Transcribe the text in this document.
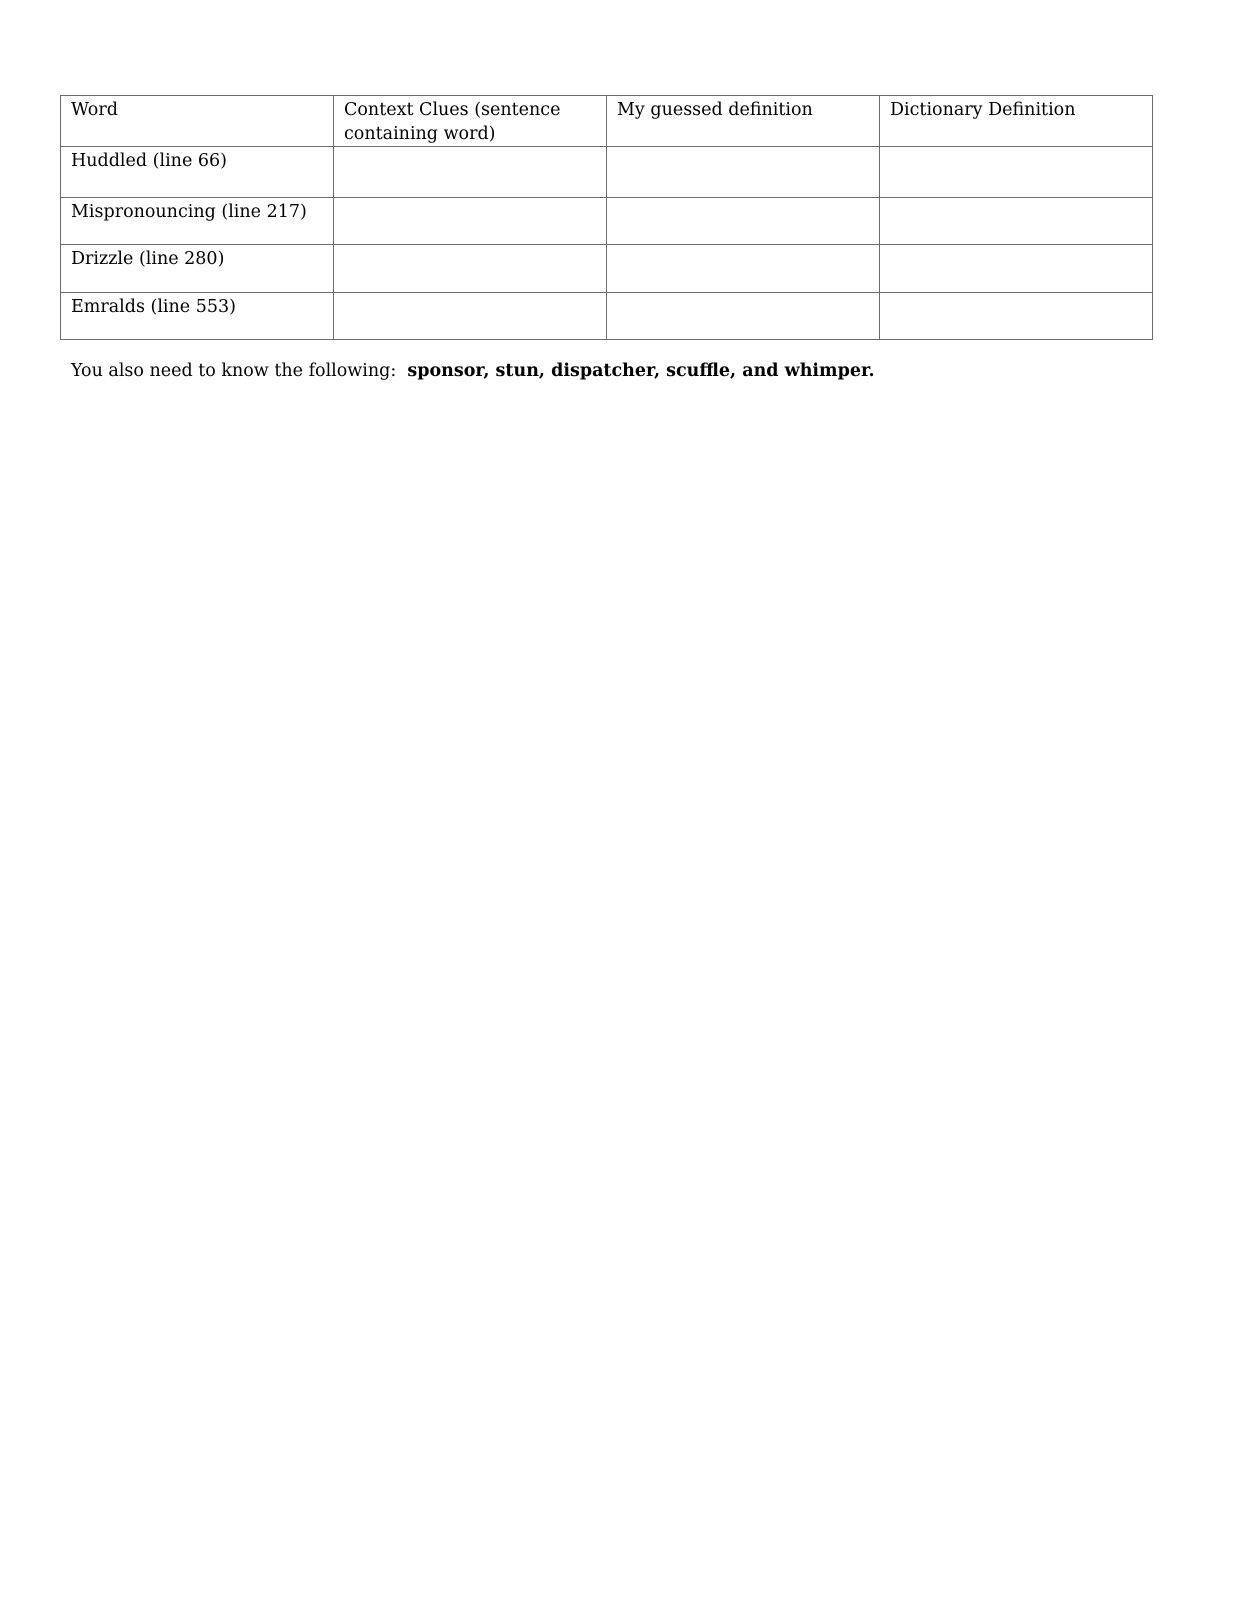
Word	Context Clues (sentence containing word)	My guessed definition	Dictionary Definition
Huddled (line 66)			
Mispronouncing (line 217)			
Drizzle (line 280)			
Emralds (line 553)			

You also need to know the following:  sponsor, stun, dispatcher, scuffle, and whimper.
